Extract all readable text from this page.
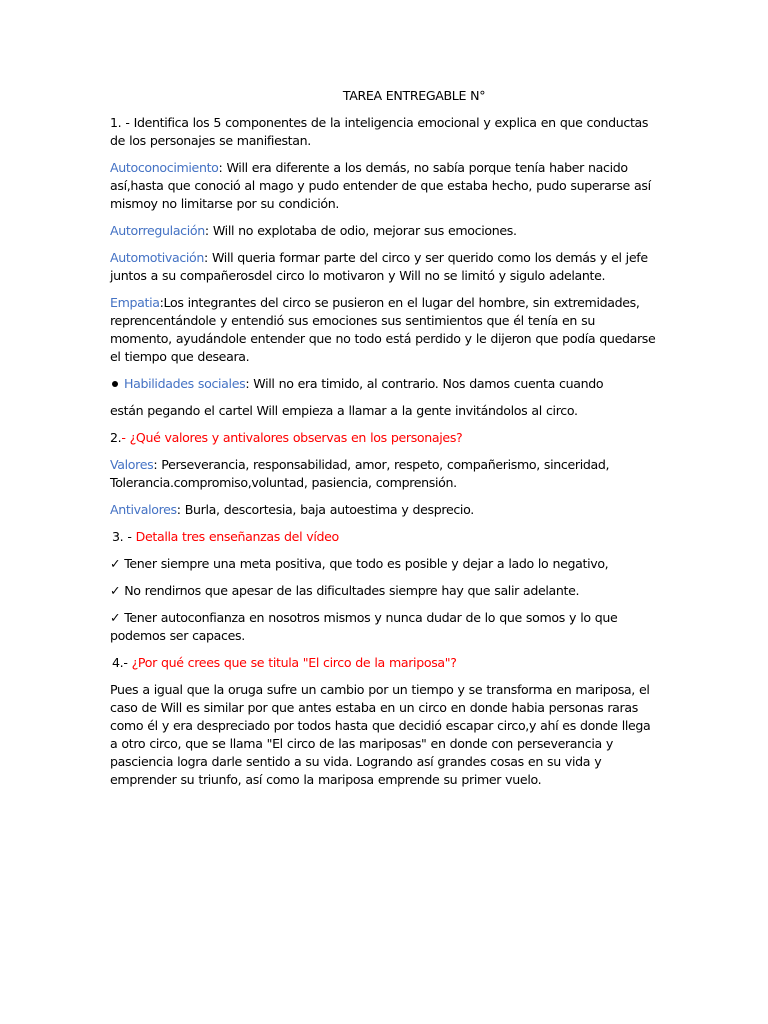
TAREA ENTREGABLE N°

1. - Identifica los 5 componentes de la inteligencia emocional y explica en que conductas de los personajes se manifiestan.

Autoconocimiento: Will era diferente a los demás, no sabía porque tenía haber nacido así,hasta que conoció al mago y pudo entender de que estaba hecho, pudo superarse así mismoy no limitarse por su condición.

Autorregulación: Will no explotaba de odio, mejorar sus emociones.

Automotivación: Will queria formar parte del circo y ser querido como los demás y el jefe juntos a su compañerosdel circo lo motivaron y Will no se limitó y sigulo adelante.

Empatia:Los integrantes del circo se pusieron en el lugar del hombre, sin extremidades, reprencentándole y entendió sus emociones sus sentimientos que él tenía en su momento, ayudándole entender que no todo está perdido y le dijeron que podía quedarse el tiempo que deseara.

Habilidades sociales: Will no era timido, al contrario. Nos damos cuenta cuando

están pegando el cartel Will empieza a llamar a la gente invitándolos al circo.

2.- ¿Qué valores y antivalores observas en los personajes?

Valores: Perseverancia, responsabilidad, amor, respeto, compañerismo, sinceridad, Tolerancia.compromiso,voluntad, pasiencia, comprensión.

Antivalores: Burla, descortesia, baja autoestima y desprecio.

3. - Detalla tres enseñanzas del vídeo

✓ Tener siempre una meta positiva, que todo es posible y dejar a lado lo negativo,

✓ No rendirnos que apesar de las dificultades siempre hay que salir adelante.

✓ Tener autoconfianza en nosotros mismos y nunca dudar de lo que somos y lo que podemos ser capaces.

4.- ¿Por qué crees que se titula "El circo de la mariposa"?

Pues a igual que la oruga sufre un cambio por un tiempo y se transforma en mariposa, el caso de Will es similar por que antes estaba en un circo en donde habia personas raras como él y era despreciado por todos hasta que decidió escapar circo,y ahí es donde llega a otro circo, que se llama "El circo de las mariposas" en donde con perseverancia y pasciencia logra darle sentido a su vida. Logrando así grandes cosas en su vida y emprender su triunfo, así como la mariposa emprende su primer vuelo.
